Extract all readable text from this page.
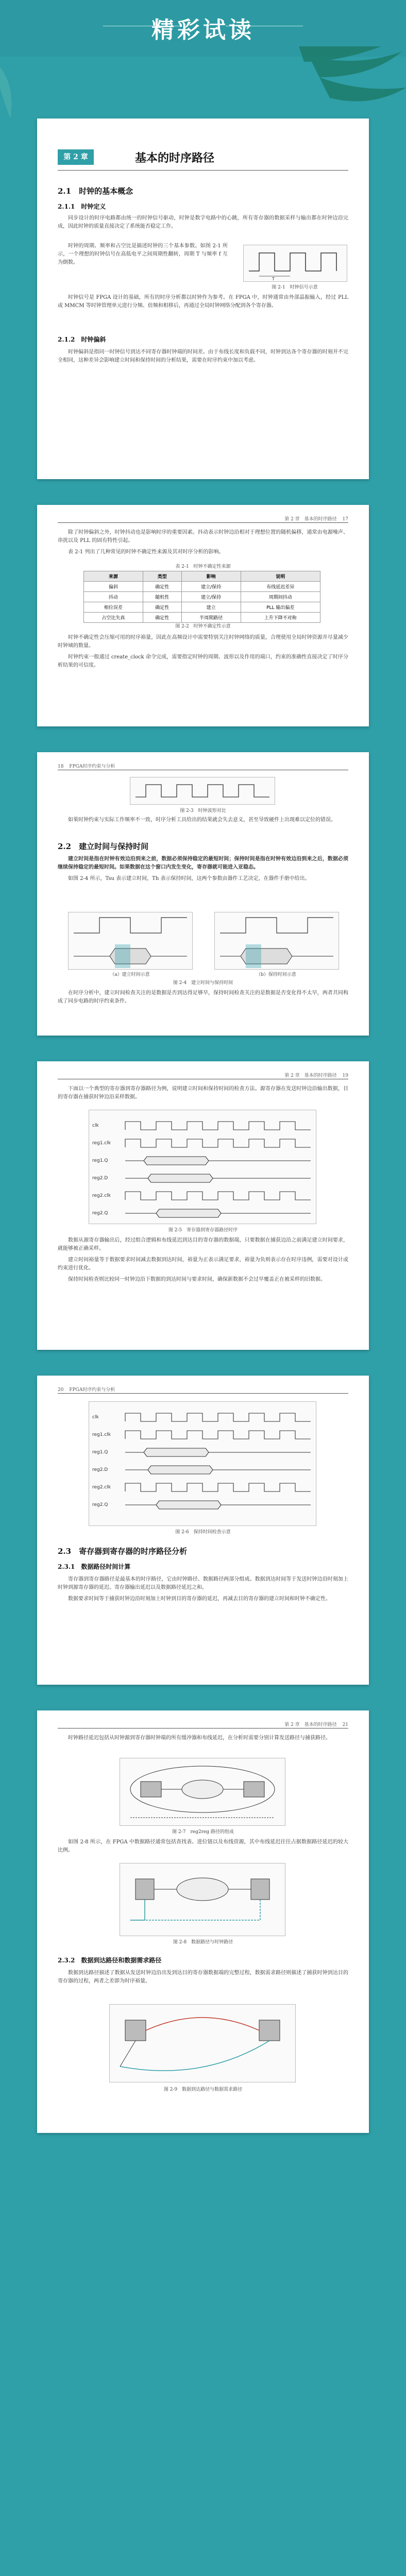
精彩试读
第 2 章	基本的时序路径
2.1　时钟的基本概念
2.1.1　时钟定义

同步设计的时序电路都由统一的时钟信号驱动，时钟是数字电路中的心跳，所有寄存器的数据采样与输出都在时钟边沿完成，因此时钟的质量直接决定了系统能否稳定工作。

时钟的周期、频率和占空比是描述时钟的三个基本参数。如图 2-1 所示，一个理想的时钟信号在高低电平之间周期性翻转，周期 T 与频率 f 互为倒数。

T
图 2-1　时钟信号示意

时钟信号是 FPGA 设计的基础，所有的时序分析都以时钟作为参考。在 FPGA 中，时钟通常由外部晶振输入，经过 PLL 或 MMCM 等时钟管理单元进行分频、倍频和相移后，再通过全局时钟网络分配到各个寄存器。

2.1.2　时钟偏斜

时钟偏斜是指同一时钟信号到达不同寄存器时钟端的时间差。由于布线长度和负载不同，时钟到达各个寄存器的时刻并不完全相同，这种差异会影响建立时间和保持时间的分析结果，需要在时序约束中加以考虑。

第 2 章　基本的时序路径 17

除了时钟偏斜之外，时钟抖动也是影响时序的重要因素。抖动表示时钟边沿相对于理想位置的随机偏移，通常由电源噪声、串扰以及 PLL 的固有特性引起。

表 2-1 列出了几种常见的时钟不确定性来源及其对时序分析的影响。

表 2-1　时钟不确定性来源
来源	类型	影响	说明
偏斜	确定性	建立/保持	布线延迟差异
抖动	随机性	建立/保持	周期间抖动
相位误差	确定性	建立	PLL 输出偏差
占空比失真	确定性	半周期路径	上升下降不对称
图 2-2　时钟不确定性示意

时钟不确定性会压缩可用的时序裕量，因此在高频设计中需要特别关注时钟网络的质量，合理使用全局时钟资源并尽量减少时钟域的数量。

时钟约束一般通过 create_clock 命令完成，需要指定时钟的周期、波形以及作用的端口，约束的准确性直接决定了时序分析结果的可信度。

18 FPGA时序约束与分析
图 2-3　时钟波形对比

如果时钟约束与实际工作频率不一致，时序分析工具给出的结果就会失去意义，甚至导致硬件上出现难以定位的错误。

2.2　建立时间与保持时间

建立时间是指在时钟有效边沿到来之前，数据必须保持稳定的最短时间；保持时间是指在时钟有效边沿到来之后，数据必须继续保持稳定的最短时间。如果数据在这个窗口内发生变化，寄存器就可能进入亚稳态。

如图 2-4 所示，Tsu 表示建立时间，Th 表示保持时间，这两个参数由器件工艺决定，在器件手册中给出。

（a）建立时间示意	（b）保持时间示意
图 2-4　建立时间与保持时间

在时序分析中，建立时间检查关注的是数据是否到达得足够早，保持时间检查关注的是数据是否变化得不太早，两者共同构成了同步电路的时序约束条件。

第 2 章　基本的时序路径 19

下面以一个典型的寄存器到寄存器路径为例，说明建立时间和保持时间的检查方法。源寄存器在发送时钟边沿输出数据，目的寄存器在捕获时钟边沿采样数据。

clk
reg1.clk
reg1.Q
reg2.D
reg2.clk
reg2.Q
图 2-5　寄存器到寄存器路径时序

数据从源寄存器输出后，经过组合逻辑和布线延迟到达目的寄存器的数据端，只要数据在捕获边沿之前满足建立时间要求，就能够被正确采样。

建立时间裕量等于数据要求时间减去数据到达时间，裕量为正表示满足要求，裕量为负则表示存在时序违例，需要对设计或约束进行优化。

保持时间检查则比较同一时钟边沿下数据的到达时间与要求时间，确保新数据不会过早覆盖正在被采样的旧数据。

20 FPGA时序约束与分析
clk
reg1.clk
reg1.Q
reg2.D
reg2.clk
reg2.Q
图 2-6　保持时间检查示意
2.3　寄存器到寄存器的时序路径分析
2.3.1　数据路径时间计算

寄存器到寄存器路径是最基本的时序路径，它由时钟路径、数据路径两部分组成。数据到达时间等于发送时钟边沿时刻加上时钟到源寄存器的延迟、寄存器输出延迟以及数据路径延迟之和。

数据要求时间等于捕获时钟边沿时刻加上时钟到目的寄存器的延迟，再减去目的寄存器的建立时间和时钟不确定性。

第 2 章　基本的时序路径 21

时钟路径延迟包括从时钟源到寄存器时钟端的所有缓冲器和布线延迟，在分析时需要分别计算发送路径与捕获路径。

图 2-7　reg2reg 路径的组成

如图 2-8 所示，在 FPGA 中数据路径通常包括查找表、进位链以及布线资源，其中布线延迟往往占据数据路径延迟的较大比例。

图 2-8　数据路径与时钟路径
2.3.2　数据到达路径和数据需求路径

数据到达路径描述了数据从发送时钟边沿出发到达目的寄存器数据端的完整过程，数据需求路径则描述了捕获时钟到达目的寄存器的过程，两者之差即为时序裕量。

图 2-9　数据到达路径与数据需求路径
